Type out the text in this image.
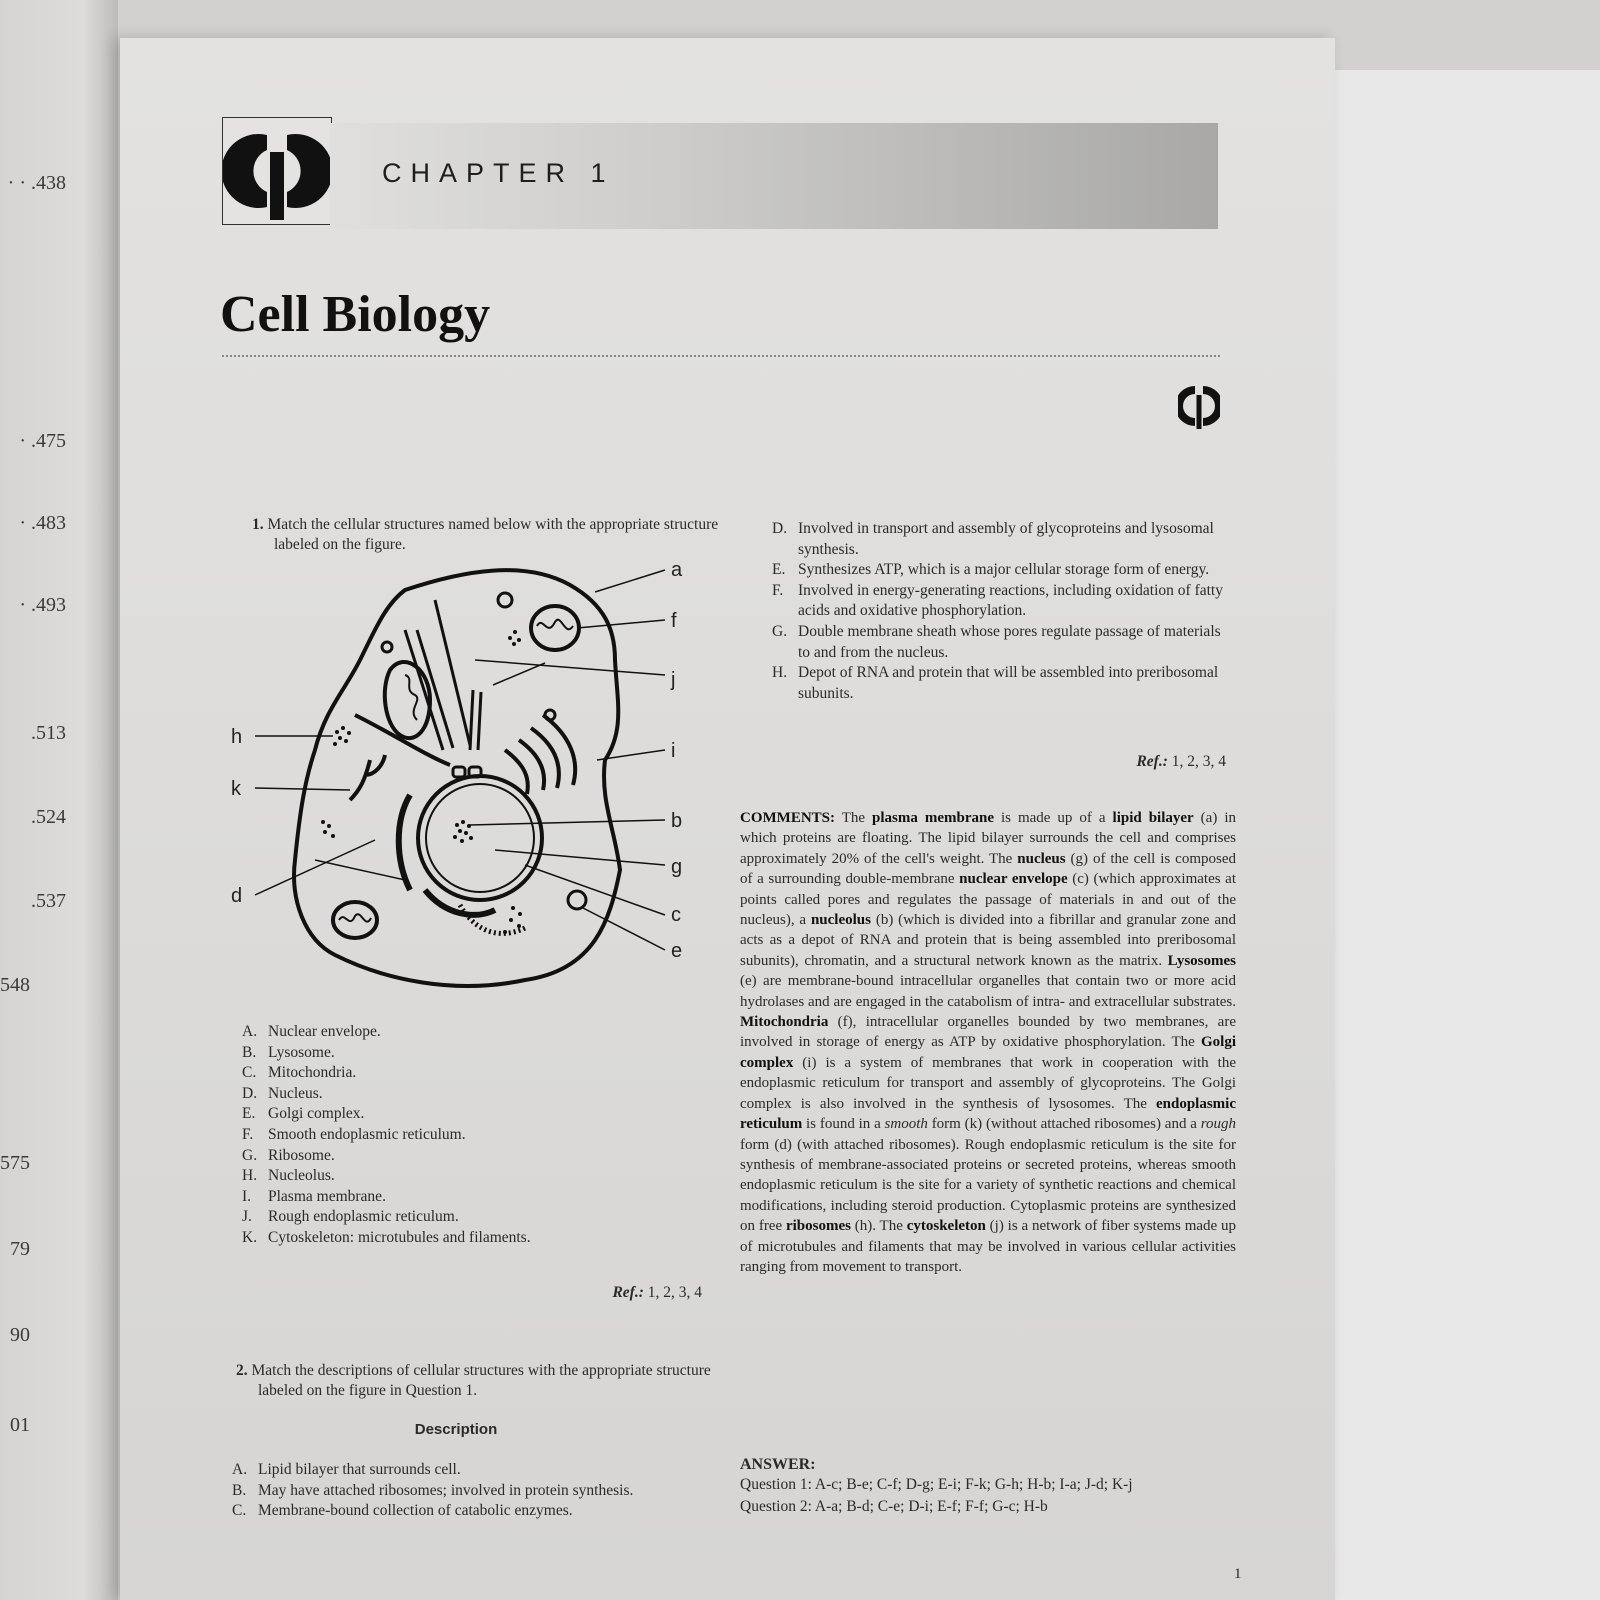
· · .438
· .475
· .483
· .493
.513
.524
.537
548
575
79
90
01
CHAPTER 1
Cell Biology
1. Match the cellular structures named below with the appropriate structure labeled on the figure.
a
f
j
h
i
k
b
g
d
c
e
A. Nuclear envelope.
B. Lysosome.
C. Mitochondria.
D. Nucleus.
E. Golgi complex.
F. Smooth endoplasmic reticulum.
G. Ribosome.
H. Nucleolus.
I.	Plasma membrane.
J.	Rough endoplasmic reticulum.
K. Cytoskeleton: microtubules and filaments.
Ref.: 1, 2, 3, 4
2. Match the descriptions of cellular structures with the appropriate structure labeled on the figure in Question 1.
Description
A. Lipid bilayer that surrounds cell.
B. May have attached ribosomes; involved in protein synthesis.
C. Membrane-bound collection of catabolic enzymes.
D. Involved in transport and assembly of glycoproteins and lysosomal synthesis.
E. Synthesizes ATP, which is a major cellular storage form of energy.
F. Involved in energy-generating reactions, including oxidation of fatty acids and oxidative phosphorylation.
G. Double membrane sheath whose pores regulate passage of materials to and from the nucleus.
H. Depot of RNA and protein that will be assembled into preribosomal subunits.
Ref.: 1, 2, 3, 4
COMMENTS: The plasma membrane is made up of a lipid bilayer (a) in which proteins are floating. The lipid bilayer surrounds the cell and comprises approximately 20% of the cell's weight. The nucleus (g) of the cell is composed of a surrounding double-membrane nuclear envelope (c) (which approximates at points called pores and regulates the passage of materials in and out of the nucleus), a nucleolus (b) (which is divided into a fibrillar and granular zone and acts as a depot of RNA and protein that is being assembled into preribosomal subunits), chromatin, and a structural network known as the matrix. Lysosomes (e) are membrane-bound intracellular organelles that contain two or more acid hydrolases and are engaged in the catabolism of intra- and extracellular substrates. Mitochondria (f), intracellular organelles bounded by two membranes, are involved in storage of energy as ATP by oxidative phosphorylation. The Golgi complex (i) is a system of membranes that work in cooperation with the endoplasmic reticulum for transport and assembly of glycoproteins. The Golgi complex is also involved in the synthesis of lysosomes. The endoplasmic reticulum is found in a smooth form (k) (without attached ribosomes) and a rough form (d) (with attached ribosomes). Rough endoplasmic reticulum is the site for synthesis of membrane-associated proteins or secreted proteins, whereas smooth endoplasmic reticulum is the site for a variety of synthetic reactions and chemical modifications, including steroid production. Cytoplasmic proteins are synthesized on free ribosomes (h). The cytoskeleton (j) is a network of fiber systems made up of microtubules and filaments that may be involved in various cellular activities ranging from movement to transport.
ANSWER:
Question 1: A-c; B-e; C-f; D-g; E-i; F-k; G-h; H-b; I-a; J-d; K-j
Question 2: A-a; B-d; C-e; D-i; E-f; F-f; G-c; H-b
1
